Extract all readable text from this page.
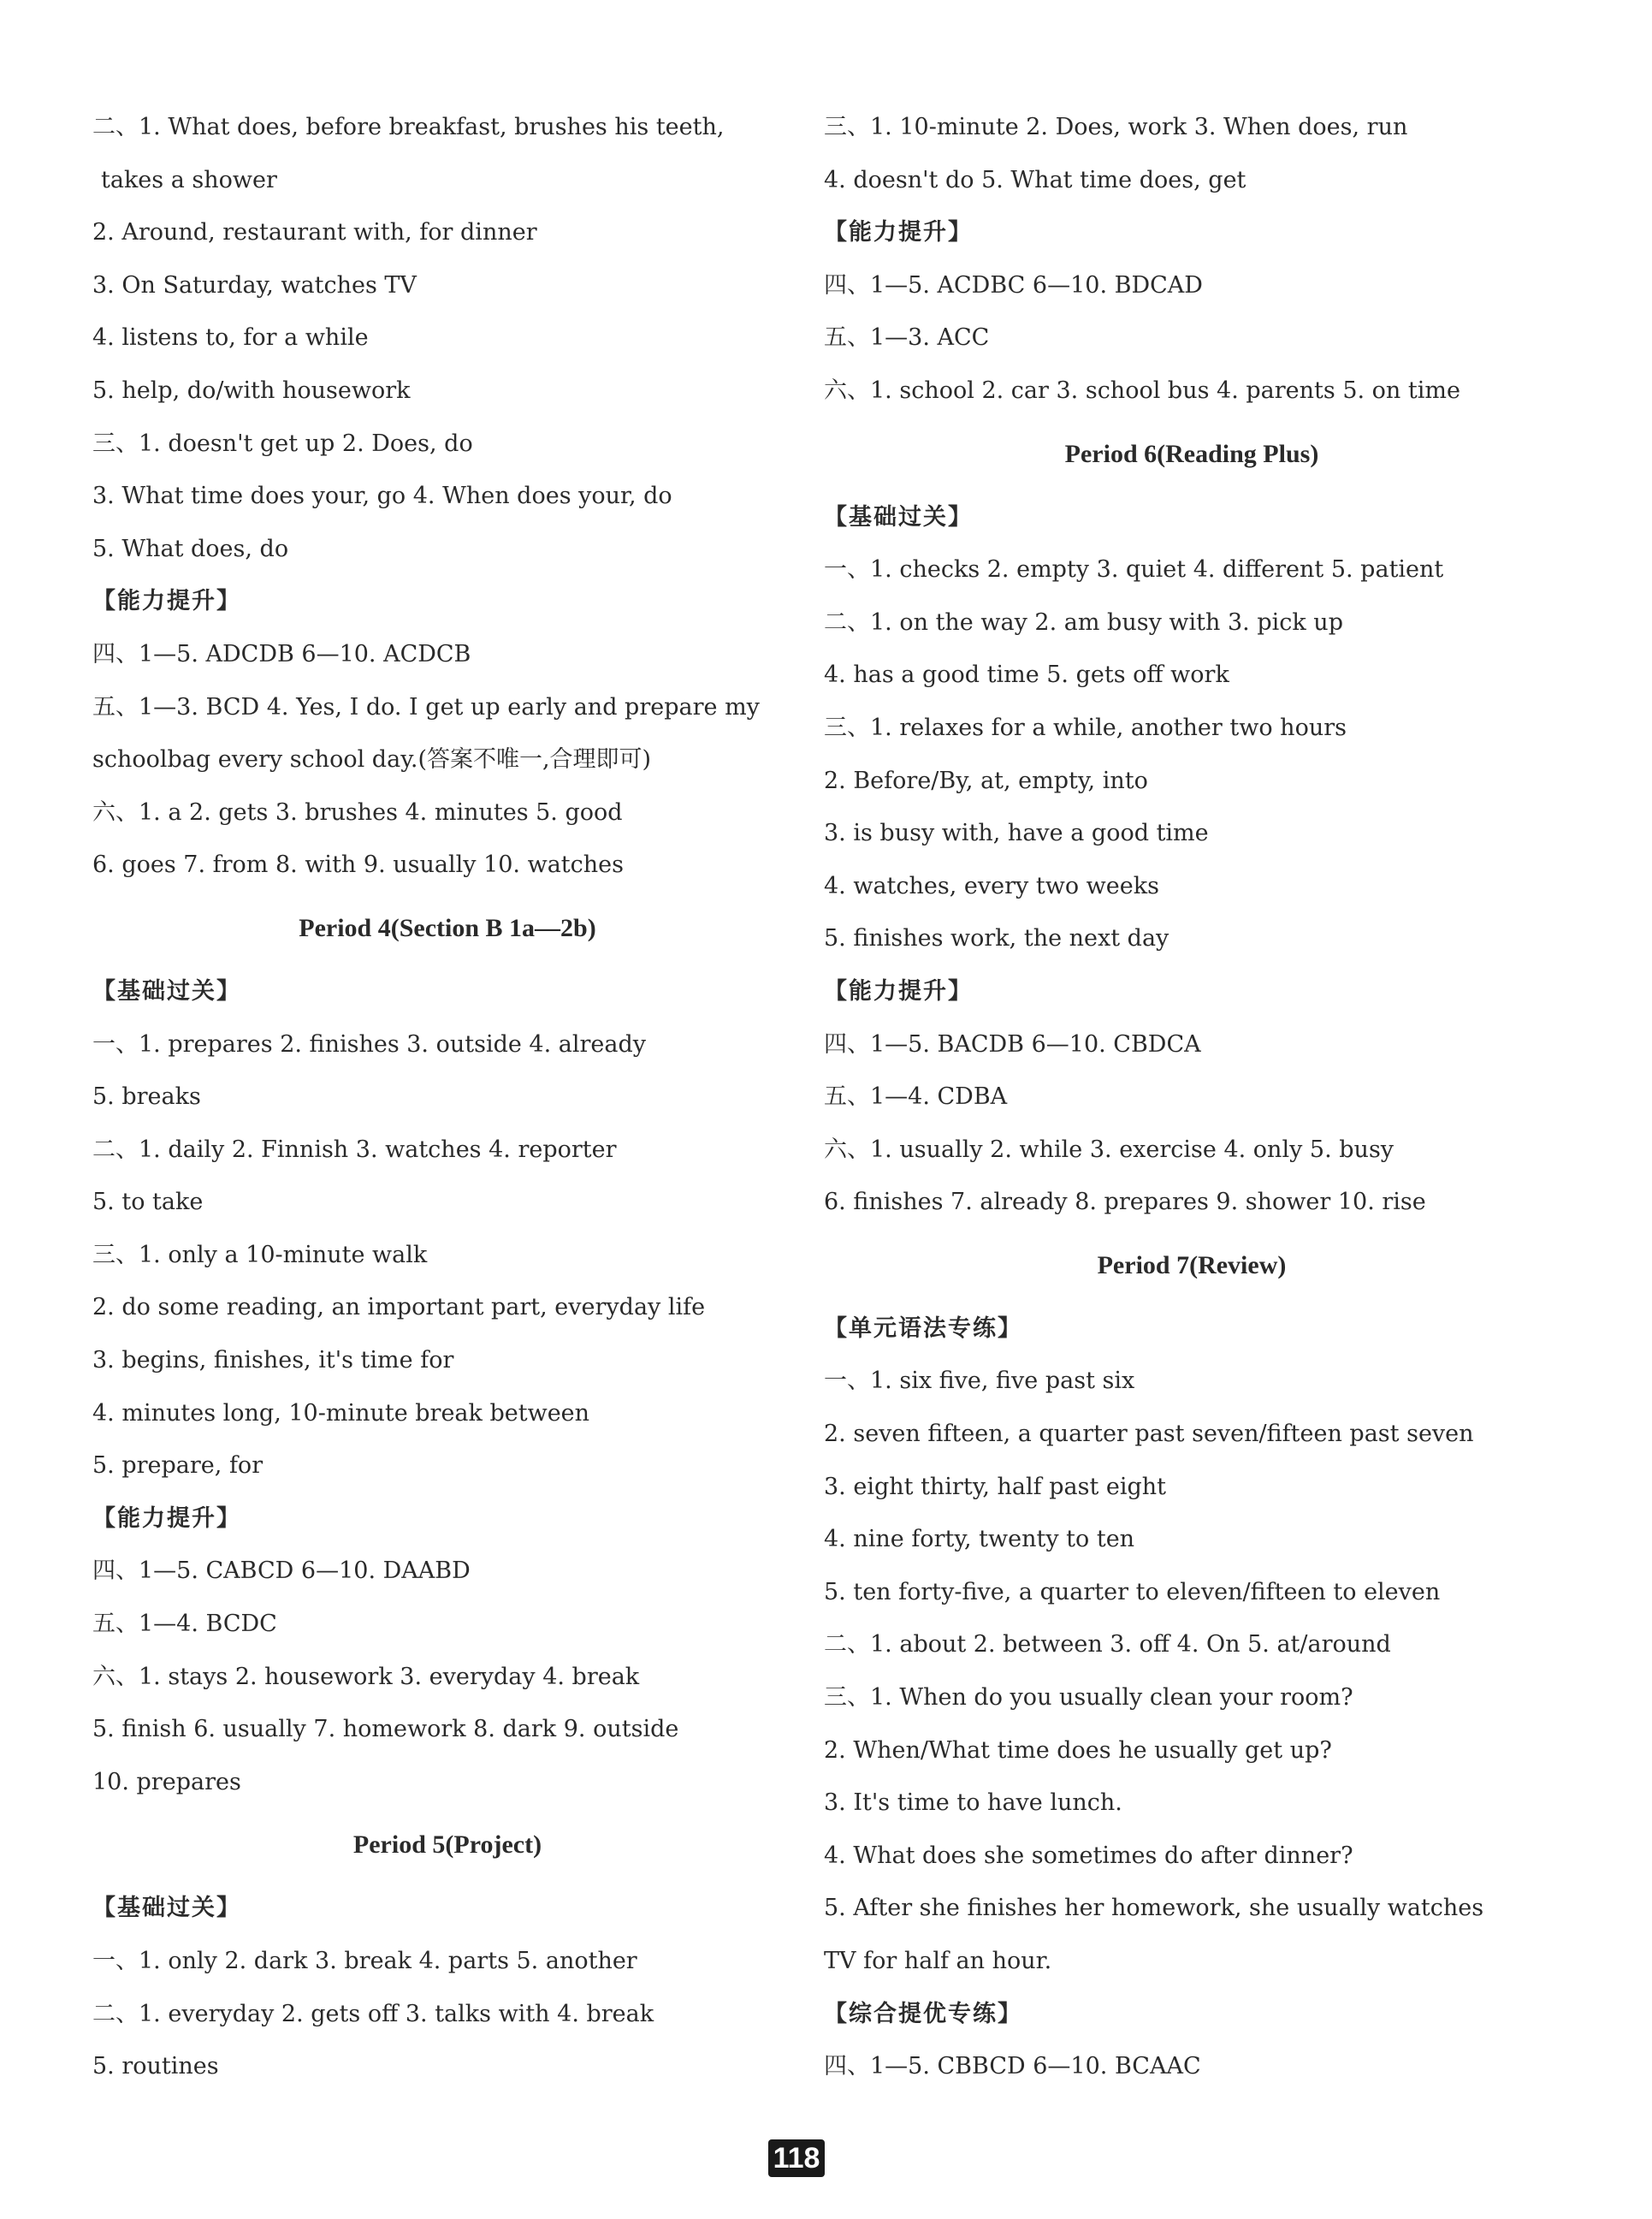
二、1. What does, before breakfast, brushes his teeth,
takes a shower
2. Around, restaurant with, for dinner
3. On Saturday, watches TV
4. listens to, for a while
5. help, do/with housework
三、1. doesn't get up 2. Does, do
3. What time does your, go 4. When does your, do
5. What does, do
【能力提升】
四、1—5. ADCDB 6—10. ACDCB
五、1—3. BCD 4. Yes, I do. I get up early and prepare my
schoolbag every school day.(答案不唯一,合理即可)
六、1. a 2. gets 3. brushes 4. minutes 5. good
6. goes 7. from 8. with 9. usually 10. watches
Period 4(Section B 1a—2b)
【基础过关】
一、1. prepares 2. finishes 3. outside 4. already
5. breaks
二、1. daily 2. Finnish 3. watches 4. reporter
5. to take
三、1. only a 10-minute walk
2. do some reading, an important part, everyday life
3. begins, finishes, it's time for
4. minutes long, 10-minute break between
5. prepare, for
【能力提升】
四、1—5. CABCD 6—10. DAABD
五、1—4. BCDC
六、1. stays 2. housework 3. everyday 4. break
5. finish 6. usually 7. homework 8. dark 9. outside
10. prepares
Period 5(Project)
【基础过关】
一、1. only 2. dark 3. break 4. parts 5. another
二、1. everyday 2. gets off 3. talks with 4. break
5. routines
三、1. 10-minute 2. Does, work 3. When does, run
4. doesn't do 5. What time does, get
【能力提升】
四、1—5. ACDBC 6—10. BDCAD
五、1—3. ACC
六、1. school 2. car 3. school bus 4. parents 5. on time
Period 6(Reading Plus)
【基础过关】
一、1. checks 2. empty 3. quiet 4. different 5. patient
二、1. on the way 2. am busy with 3. pick up
4. has a good time 5. gets off work
三、1. relaxes for a while, another two hours
2. Before/By, at, empty, into
3. is busy with, have a good time
4. watches, every two weeks
5. finishes work, the next day
【能力提升】
四、1—5. BACDB 6—10. CBDCA
五、1—4. CDBA
六、1. usually 2. while 3. exercise 4. only 5. busy
6. finishes 7. already 8. prepares 9. shower 10. rise
Period 7(Review)
【单元语法专练】
一、1. six five, five past six
2. seven fifteen, a quarter past seven/fifteen past seven
3. eight thirty, half past eight
4. nine forty, twenty to ten
5. ten forty-five, a quarter to eleven/fifteen to eleven
二、1. about 2. between 3. off 4. On 5. at/around
三、1. When do you usually clean your room?
2. When/What time does he usually get up?
3. It's time to have lunch.
4. What does she sometimes do after dinner?
5. After she finishes her homework, she usually watches
TV for half an hour.
【综合提优专练】
四、1—5. CBBCD 6—10. BCAAC
118
